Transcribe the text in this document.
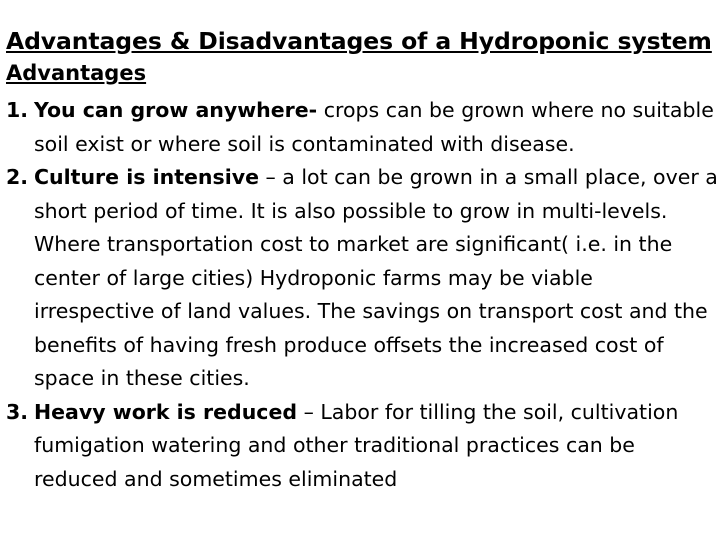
Advantages & Disadvantages of a Hydroponic system
Advantages
1. You can grow anywhere- crops can be grown where no suitable soil exist or where soil is contaminated with disease.
2. Culture is intensive – a lot can be grown in a small place, over a short period of time. It is also possible to grow in multi-levels. Where transportation cost to market are significant( i.e. in the center of large cities) Hydroponic farms may be viable irrespective of land values. The savings on transport cost and the benefits of having fresh produce offsets the increased cost of space in these cities.
3. Heavy work is reduced – Labor for tilling the soil, cultivation fumigation watering and other traditional practices can be reduced and sometimes eliminated
